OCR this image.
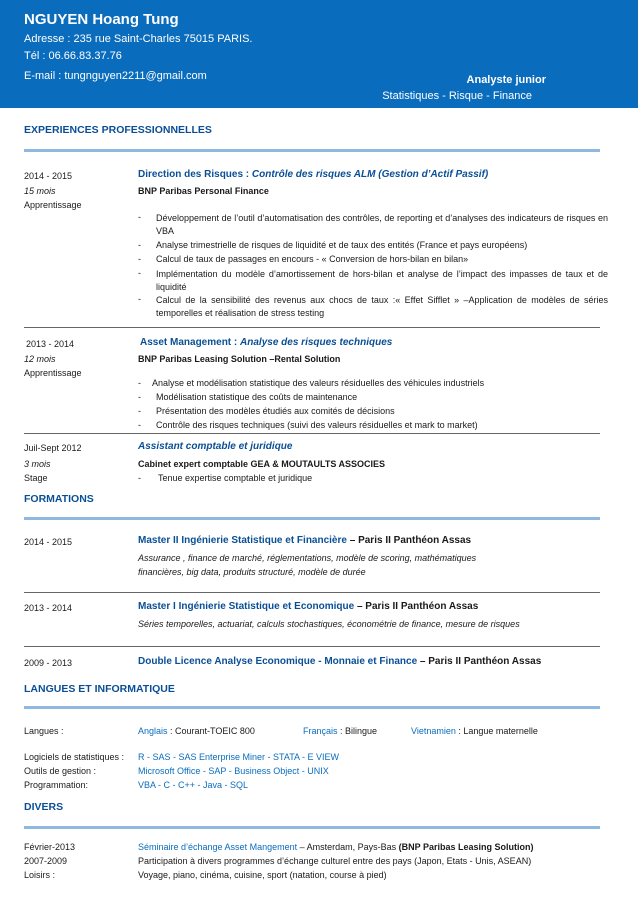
NGUYEN Hoang Tung
Adresse : 235 rue Saint-Charles 75015 PARIS.
Tél : 06.66.83.37.76
E-mail : tungnguyen2211@gmail.com	Analyste junior
Statistiques - Risque - Finance
EXPERIENCES PROFESSIONNELLES
2014 - 2015	Direction des Risques : Contrôle des risques ALM (Gestion d’Actif Passif)
15 mois
Apprentissage
BNP Paribas Personal Finance
- Développement de l’outil d’automatisation des contrôles, de reporting et d’analyses des indicateurs de risques en VBA
- Analyse trimestrielle de risques de liquidité et de taux des entités (France et pays européens)
- Calcul de taux de passages en encours - « Conversion de hors-bilan en bilan»
- Implémentation du modèle d’amortissement de hors-bilan et analyse de l’impact des impasses de taux et de liquidité
- Calcul de la sensibilité des revenus aux chocs de taux :« Effet Sifflet » –Application de modèles de séries temporelles et réalisation de stress testing
2013 - 2014	Asset Management : Analyse des risques techniques
12 mois
Apprentissage
BNP Paribas Leasing Solution –Rental Solution
- Analyse et modélisation statistique des valeurs résiduelles des véhicules industriels
- Modélisation statistique des coûts de maintenance
- Présentation des modèles étudiés aux comités de décisions
- Contrôle des risques techniques (suivi des valeurs résiduelles et mark to market)
Juil-Sept 2012	Assistant comptable et juridique
3 mois
Stage
Cabinet expert comptable GEA & MOUTAULTS ASSOCIES
- Tenue expertise comptable et juridique
FORMATIONS
2014 - 2015	Master II Ingénierie Statistique et Financière – Paris II Panthéon Assas
Assurance , finance de marché, réglementations, modèle de scoring, mathématiques
financières, big data, produits structuré, modèle de durée
2013 - 2014	Master I Ingénierie Statistique et Economique – Paris II Panthéon Assas
Séries temporelles, actuariat, calculs stochastiques, économétrie de finance, mesure de risques
2009 - 2013	Double Licence Analyse Economique - Monnaie et Finance – Paris II Panthéon Assas
LANGUES ET INFORMATIQUE
Langues :	Anglais : Courant-TOEIC 800	Français : Bilingue	Vietnamien : Langue maternelle
Logiciels de statistiques : R - SAS - SAS Enterprise Miner - STATA - E VIEW
Outils de gestion :	Microsoft Office - SAP - Business Object - UNIX
Programmation:	VBA - C - C++ - Java - SQL
DIVERS
Février-2013	Séminaire d’échange Asset Mangement – Amsterdam, Pays-Bas (BNP Paribas Leasing Solution)
2007-2009	Participation à divers programmes d’échange culturel entre des pays (Japon, Etats - Unis, ASEAN)
Loisirs :	Voyage, piano, cinéma, cuisine, sport (natation, course à pied)
